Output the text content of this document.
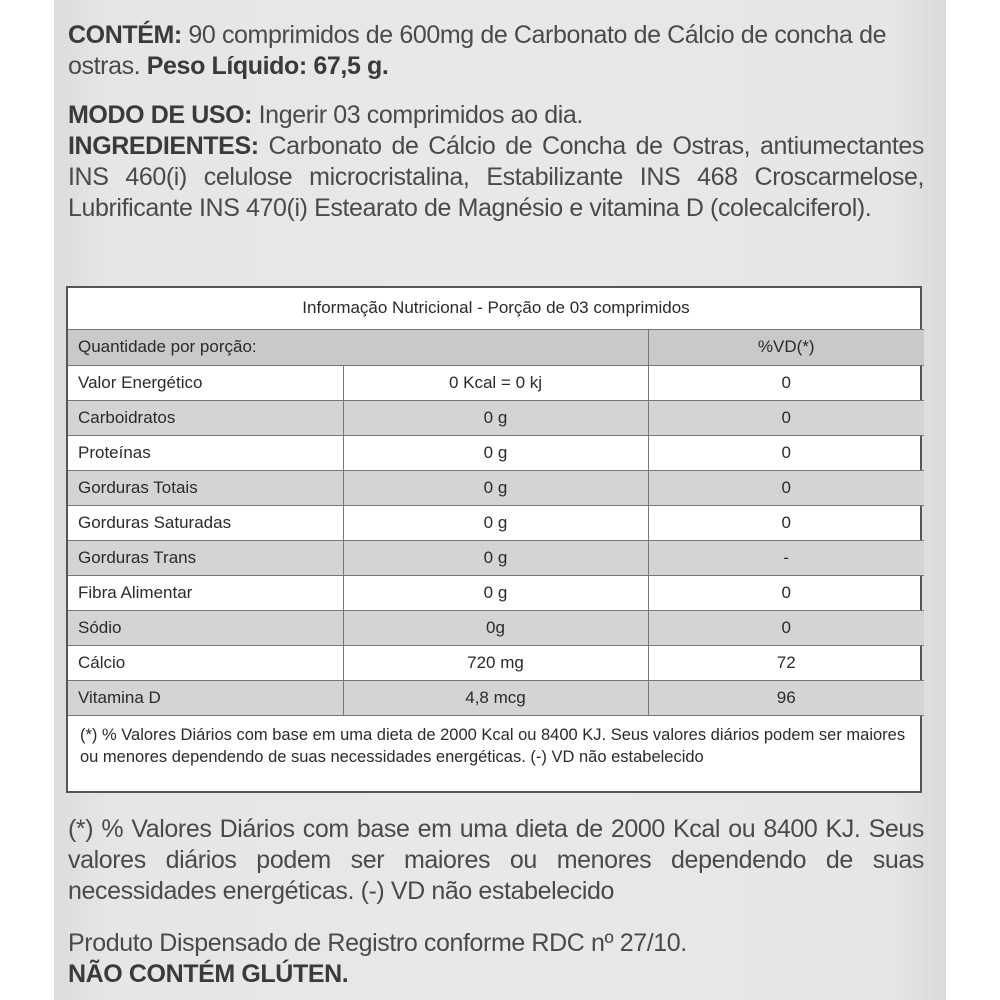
CONTÉM: 90 comprimidos de 600mg de Carbonato de Cálcio de concha de ostras. Peso Líquido: 67,5 g.
MODO DE USO: Ingerir 03 comprimidos ao dia.
INGREDIENTES: Carbonato de Cálcio de Concha de Ostras, antiumectantes INS 460(i) celulose microcristalina, Estabilizante INS 468 Croscarmelose, Lubrificante INS 470(i) Estearato de Magnésio e vitamina D (colecalciferol).
Informação Nutricional - Porção de 03 comprimidos		
Quantidade por porção:		%VD(*)
Valor Energético	0 Kcal = 0 kj	0
Carboidratos	0 g	0
Proteínas	0 g	0
Gorduras Totais	0 g	0
Gorduras Saturadas	0 g	0
Gorduras Trans	0 g	-
Fibra Alimentar	0 g	0
Sódio	0g	0
Cálcio	720 mg	72
Vitamina D	4,8 mcg	96
(*) % Valores Diários com base em uma dieta de 2000 Kcal ou 8400 KJ. Seus valores diários podem ser maiores ou menores dependendo de suas necessidades energéticas. (-) VD não estabelecido
(*) % Valores Diários com base em uma dieta de 2000 Kcal ou 8400 KJ. Seus valores diários podem ser maiores ou menores dependendo de suas necessidades energéticas. (-) VD não estabelecido
Produto Dispensado de Registro conforme RDC nº 27/10.
NÃO CONTÉM GLÚTEN.
